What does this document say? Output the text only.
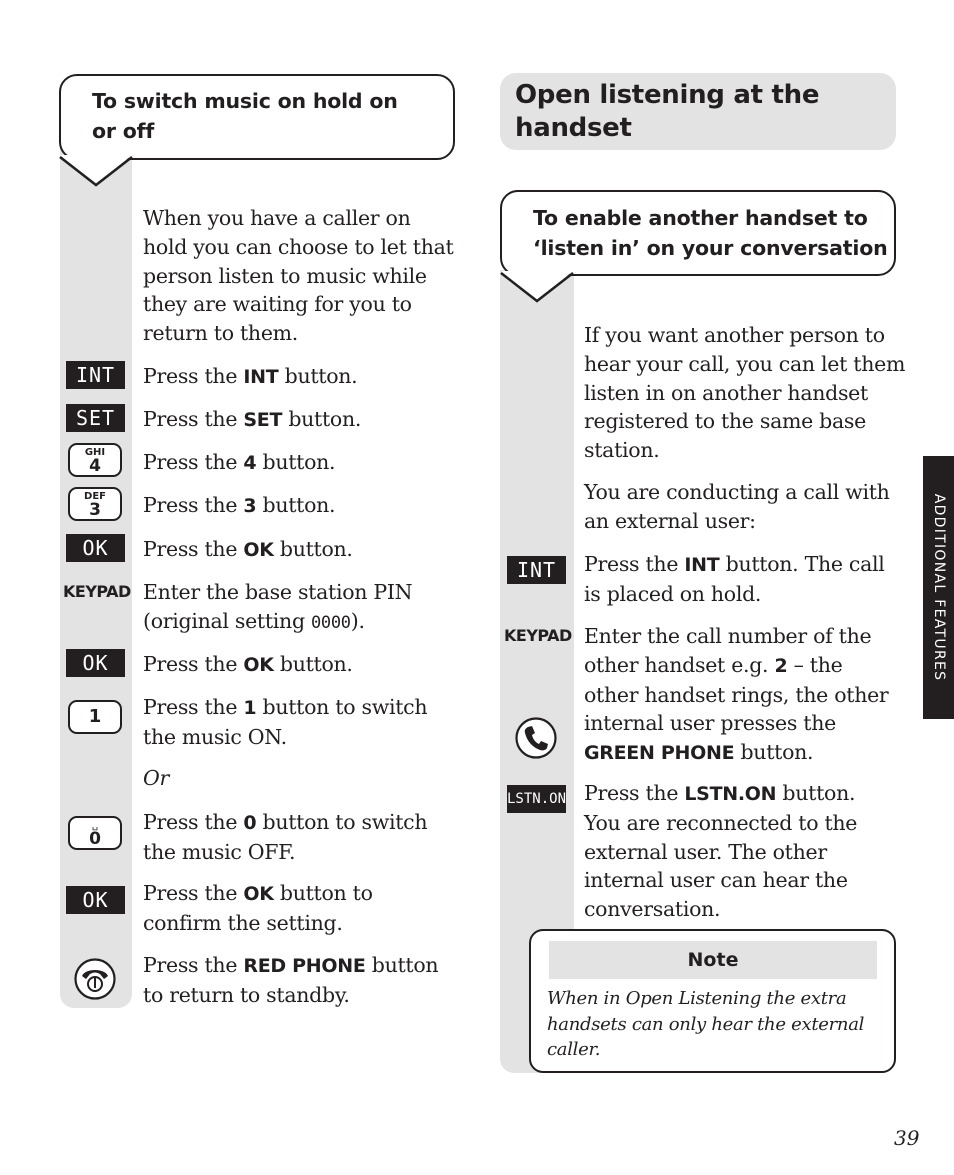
To switch music on hold on
or off
When you have a caller on
hold you can choose to let that
person listen to music while
they are waiting for you to
return to them.
INT	Press the INT button.
SET	Press the SET button.
GHI
4	Press the 4 button.
DEF
3	Press the 3 button.
OK	Press the OK button.
KEYPAD Enter the base station PIN
(original setting 0000).
OK	Press the OK button.
1	Press the 1 button to switch
the music ON.
Or
␣
0
Press the 0 button to switch
the music OFF.
OK	Press the OK button to
confirm the setting.
Press the RED PHONE button
to return to standby.
Open listening at the
handset
To enable another handset to
‘listen in’ on your conversation
If you want another person to
hear your call, you can let them
listen in on another handset
registered to the same base
station.
You are conducting a call with
an external user:
INT	Press the INT button. The call
is placed on hold.
KEYPAD Enter the call number of the
other handset e.g. 2 – the
other handset rings, the other
internal user presses the
GREEN PHONE button.
LSTN.ON Press the LSTN.ON button.
You are reconnected to the
external user. The other
internal user can hear the
conversation.
Note
When in Open Listening the extra
handsets can only hear the external
caller.
ADDITIONAL FEATURES
39
